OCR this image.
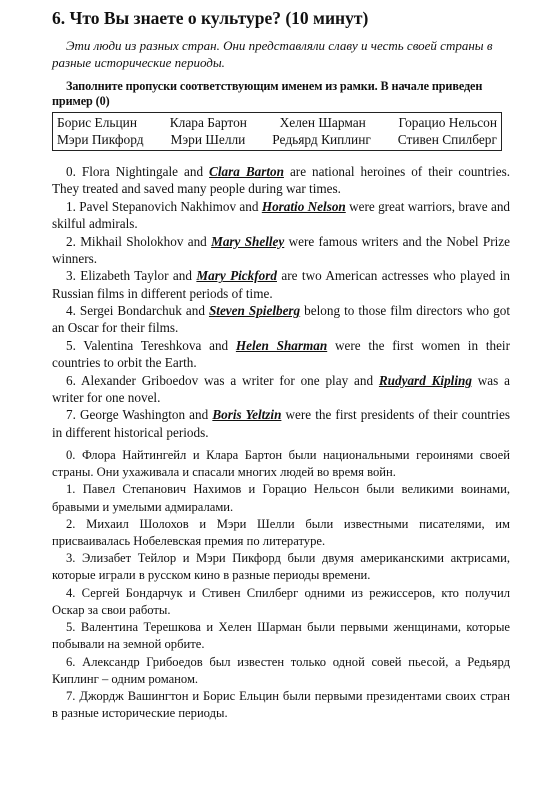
6. Что Вы знаете о культуре? (10 минут)

Эти люди из разных стран. Они представляли славу и честь своей страны в разные исторические периоды.

Заполните пропуски соответствующим именем из рамки. В начале приведен пример (0)

Борис Ельцин Клара Бартон Хелен Шарман Горацио Нельсон
Мэри Пикфорд Мэри Шелли Редьярд Киплинг Стивен Спилберг

0. Flora Nightingale and Clara Barton are national heroines of their countries. They treated and saved many people during war times.

1. Pavel Stepanovich Nakhimov and Horatio Nelson were great warriors, brave and skilful admirals.

2. Mikhail Sholokhov and Mary Shelley were famous writers and the Nobel Prize winners.

3. Elizabeth Taylor and Mary Pickford are two American actresses who played in Russian films in different periods of time.

4. Sergei Bondarchuk and Steven Spielberg belong to those film directors who got an Oscar for their films.

5. Valentina Tereshkova and Helen Sharman were the first women in their countries to orbit the Earth.

6. Alexander Griboedov was a writer for one play and Rudyard Kipling was a writer for one novel.

7. George Washington and Boris Yeltzin were the first presidents of their countries in different historical periods.

0. Флора Найтингейл и Клара Бартон были национальными героинями своей страны. Они ухаживала и спасали многих людей во время войн.

1. Павел Степанович Нахимов и Горацио Нельсон были великими воинами, бравыми и умелыми адмиралами.

2. Михаил Шолохов и Мэри Шелли были известными писателями, им присваивалась Нобелевская премия по литературе.

3. Элизабет Тейлор и Мэри Пикфорд были двумя американскими актрисами, которые играли в русском кино в разные периоды времени.

4. Сергей Бондарчук и Стивен Спилберг одними из режиссеров, кто получил Оскар за свои работы.

5. Валентина Терешкова и Хелен Шарман были первыми женщинами, которые побывали на земной орбите.

6. Александр Грибоедов был известен только одной совей пьесой, а Редьярд Киплинг – одним романом.

7. Джордж Вашингтон и Борис Ельцин были первыми президентами своих стран в разные исторические периоды.
